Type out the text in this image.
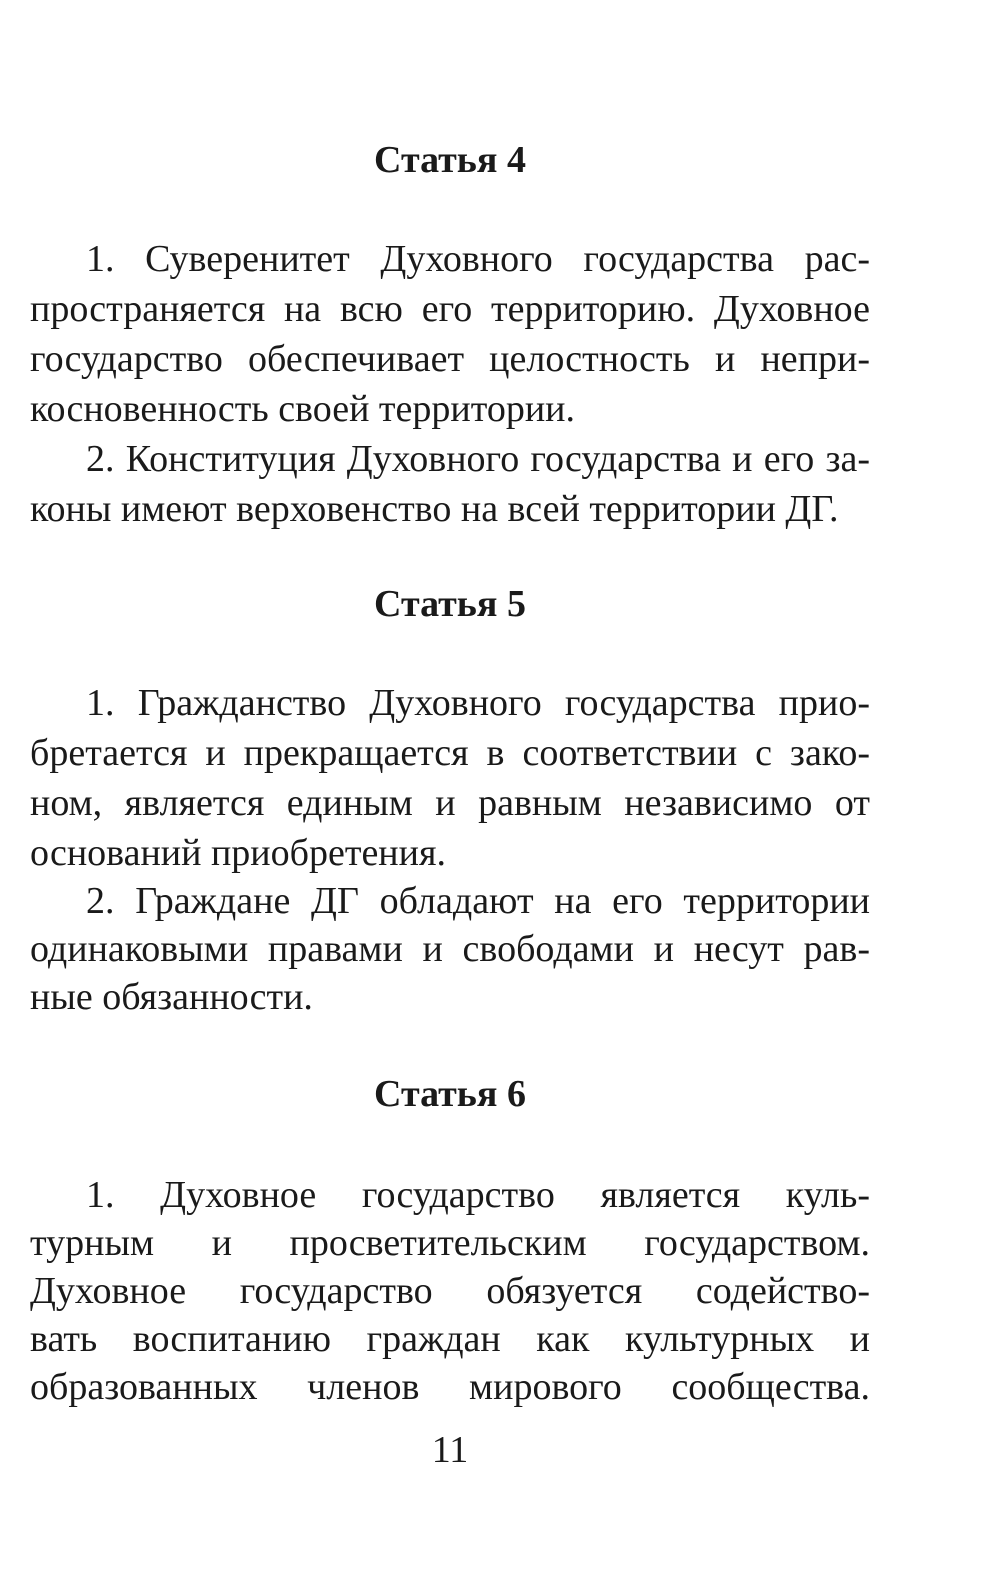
Статья 4
1. Суверенитет Духовного государства рас-
пространяется на всю его территорию. Духовное
государство обеспечивает целостность и непри-
косновенность своей территории.
2. Конституция Духовного государства и его за-
коны имеют верховенство на всей территории ДГ.
Статья 5
1. Гражданство Духовного государства прио-
бретается и прекращается в соответствии с зако-
ном, является единым и равным независимо от
оснований приобретения.
2. Граждане ДГ обладают на его территории
одинаковыми правами и свободами и несут рав-
ные обязанности.
Статья 6
1. Духовное государство является куль-
турным и просветительским государством.
Духовное государство обязуется содейство-
вать воспитанию граждан как культурных и
образованных членов мирового сообщества.
11
